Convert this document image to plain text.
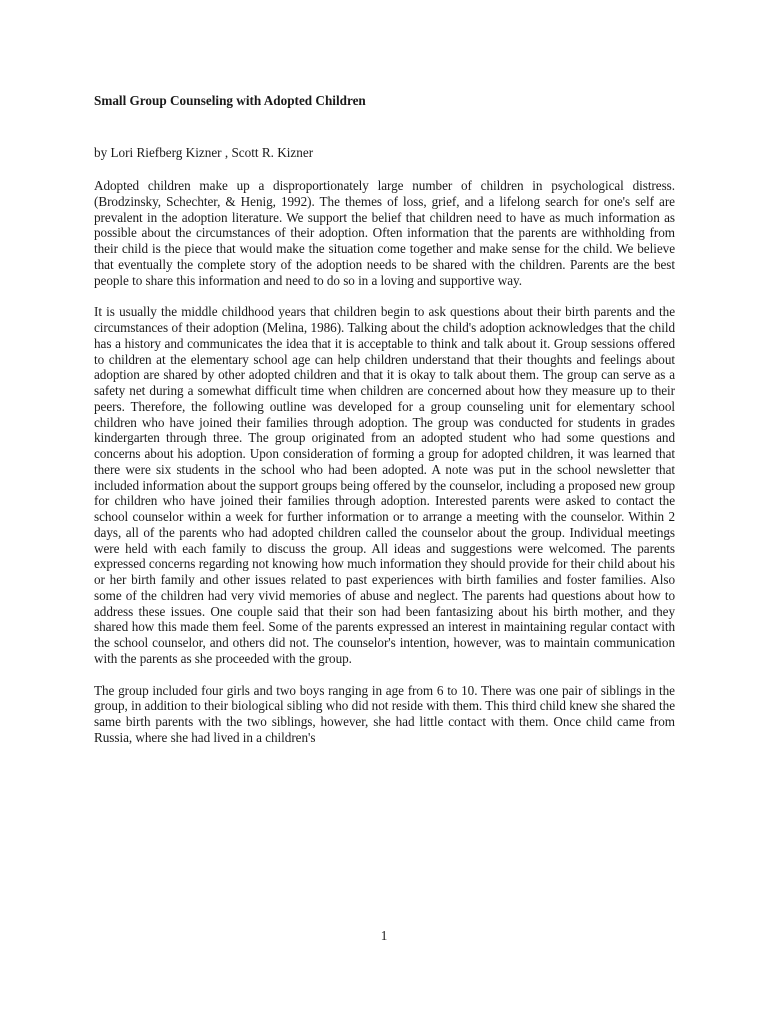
Small Group Counseling with Adopted Children
by Lori Riefberg Kizner , Scott R. Kizner

Adopted children make up a disproportionately large number of children in psychological distress. (Brodzinsky, Schechter, & Henig, 1992). The themes of loss, grief, and a lifelong search for one's self are prevalent in the adoption literature. We support the belief that children need to have as much information as possible about the circumstances of their adoption. Often information that the parents are withholding from their child is the piece that would make the situation come together and make sense for the child. We believe that eventually the complete story of the adoption needs to be shared with the children. Parents are the best people to share this information and need to do so in a loving and supportive way.

It is usually the middle childhood years that children begin to ask questions about their birth parents and the circumstances of their adoption (Melina, 1986). Talking about the child's adoption acknowledges that the child has a history and communicates the idea that it is acceptable to think and talk about it. Group sessions offered to children at the elementary school age can help children understand that their thoughts and feelings about adoption are shared by other adopted children and that it is okay to talk about them. The group can serve as a safety net during a somewhat difficult time when children are concerned about how they measure up to their peers. Therefore, the following outline was developed for a group counseling unit for elementary school children who have joined their families through adoption. The group was conducted for students in grades kindergarten through three. The group originated from an adopted student who had some questions and concerns about his adoption. Upon consideration of forming a group for adopted children, it was learned that there were six students in the school who had been adopted. A note was put in the school newsletter that included information about the support groups being offered by the counselor, including a proposed new group for children who have joined their families through adoption. Interested parents were asked to contact the school counselor within a week for further information or to arrange a meeting with the counselor. Within 2 days, all of the parents who had adopted children called the counselor about the group. Individual meetings were held with each family to discuss the group. All ideas and suggestions were welcomed. The parents expressed concerns regarding not knowing how much information they should provide for their child about his or her birth family and other issues related to past experiences with birth families and foster families. Also some of the children had very vivid memories of abuse and neglect. The parents had questions about how to address these issues. One couple said that their son had been fantasizing about his birth mother, and they shared how this made them feel. Some of the parents expressed an interest in maintaining regular contact with the school counselor, and others did not. The counselor's intention, however, was to maintain communication with the parents as she proceeded with the group.

The group included four girls and two boys ranging in age from 6 to 10. There was one pair of siblings in the group, in addition to their biological sibling who did not reside with them. This third child knew she shared the same birth parents with the two siblings, however, she had little contact with them. Once child came from Russia, where she had lived in a children's

1
